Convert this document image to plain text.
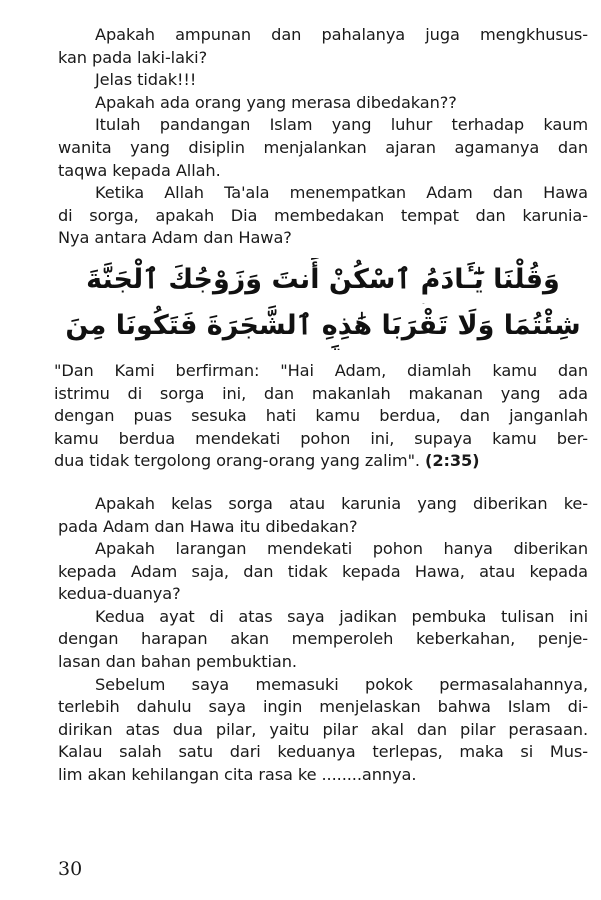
Apakah ampunan dan pahalanya juga mengkhusus-
kan pada laki-laki?
Jelas tidak!!!
Apakah ada orang yang merasa dibedakan??
Itulah pandangan Islam yang luhur terhadap kaum
wanita yang disiplin menjalankan ajaran agamanya dan
taqwa kepada Allah.
Ketika Allah Ta'ala menempatkan Adam dan Hawa
di sorga, apakah Dia membedakan tempat dan karunia-
Nya antara Adam dan Hawa?
وَقُلْنَا يَٰٓـَٔادَمُ ٱسْكُنْ أَنتَ وَزَوْجُكَ ٱلْجَنَّةَ
شِئْتُمَا وَلَا تَقْرَبَا هَٰذِهِ ٱلشَّجَرَةَ فَتَكُونَا مِنَ
"Dan Kami berfirman: "Hai Adam, diamlah kamu dan
istrimu di sorga ini, dan makanlah makanan yang ada
dengan puas sesuka hati kamu berdua, dan janganlah
kamu berdua mendekati pohon ini, supaya kamu ber-
dua tidak tergolong orang-orang yang zalim". (2:35)
Apakah kelas sorga atau karunia yang diberikan ke-
pada Adam dan Hawa itu dibedakan?
Apakah larangan mendekati pohon hanya diberikan
kepada Adam saja, dan tidak kepada Hawa, atau kepada
kedua-duanya?
Kedua ayat di atas saya jadikan pembuka tulisan ini
dengan harapan akan memperoleh keberkahan, penje-
lasan dan bahan pembuktian.
Sebelum saya memasuki pokok permasalahannya,
terlebih dahulu saya ingin menjelaskan bahwa Islam di-
dirikan atas dua pilar, yaitu pilar akal dan pilar perasaan.
Kalau salah satu dari keduanya terlepas, maka si Mus-
lim akan kehilangan cita rasa ke ........annya.
30
